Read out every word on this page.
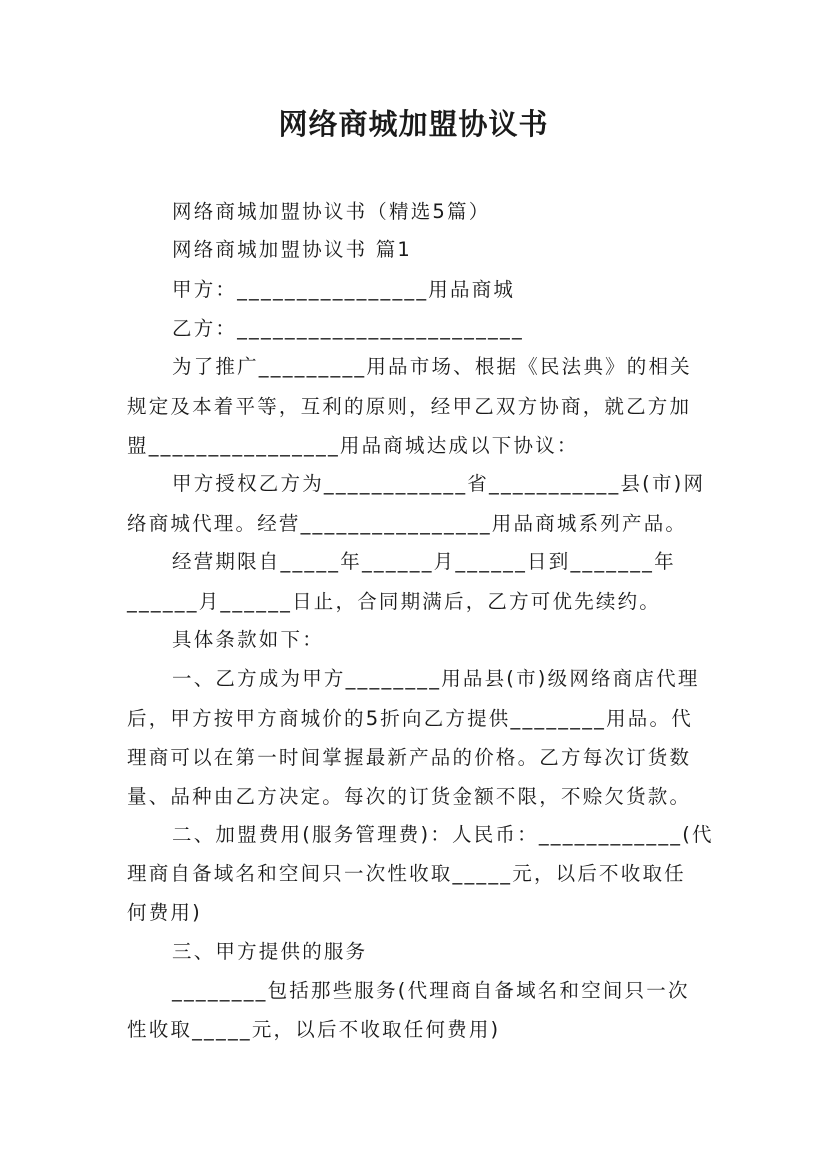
网络商城加盟协议书
网络商城加盟协议书（精选5篇）
网络商城加盟协议书 篇1
甲方：________________用品商城
乙方：________________________
为了推广_________用品市场、根据《民法典》的相关
规定及本着平等，互利的原则，经甲乙双方协商，就乙方加
盟________________用品商城达成以下协议：
甲方授权乙方为____________省___________县(市)网
络商城代理。经营________________用品商城系列产品。
经营期限自_____年______月______日到_______年
______月______日止，合同期满后，乙方可优先续约。
具体条款如下：
一、乙方成为甲方________用品县(市)级网络商店代理
后，甲方按甲方商城价的5折向乙方提供________用品。代
理商可以在第一时间掌握最新产品的价格。乙方每次订货数
量、品种由乙方决定。每次的订货金额不限，不赊欠货款。
二、加盟费用(服务管理费)：人民币：____________(代
理商自备域名和空间只一次性收取_____元，以后不收取任
何费用)
三、甲方提供的服务
________包括那些服务(代理商自备域名和空间只一次
性收取_____元，以后不收取任何费用)
